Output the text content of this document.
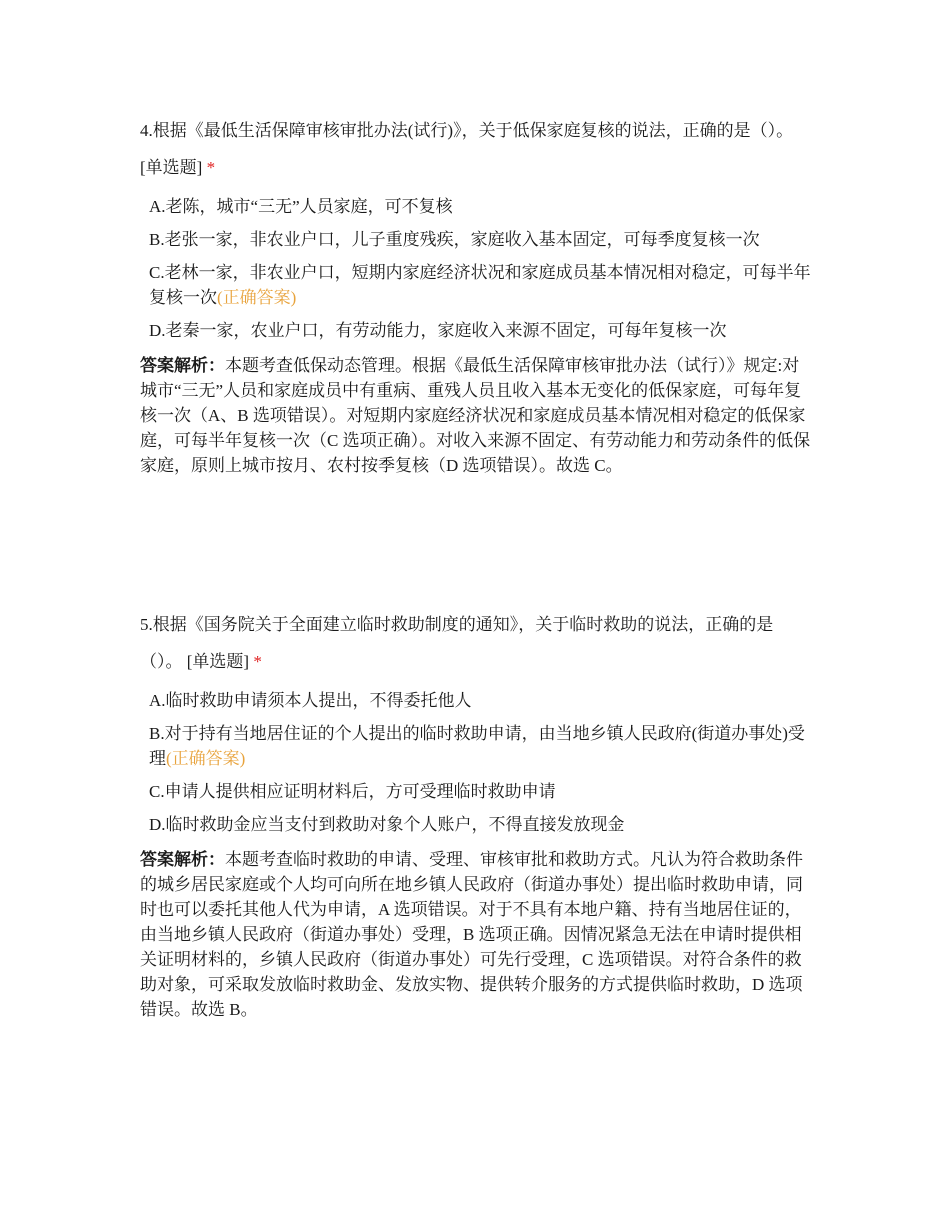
4.根据《最低生活保障审核审批办法(试行)》，关于低保家庭复核的说法，正确的是（）。 [单选题] *

A.老陈，城市“三无”人员家庭，可不复核
B.老张一家，非农业户口，儿子重度残疾，家庭收入基本固定，可每季度复核一次
C.老林一家，非农业户口，短期内家庭经济状况和家庭成员基本情况相对稳定，可每半年复核一次(正确答案)
D.老秦一家，农业户口，有劳动能力，家庭收入来源不固定，可每年复核一次
答案解析：本题考查低保动态管理。根据《最低生活保障审核审批办法（试行）》规定:对城市“三无”人员和家庭成员中有重病、重残人员且收入基本无变化的低保家庭，可每年复核一次（A、B 选项错误）。对短期内家庭经济状况和家庭成员基本情况相对稳定的低保家庭，可每半年复核一次（C 选项正确）。对收入来源不固定、有劳动能力和劳动条件的低保家庭，原则上城市按月、农村按季复核（D 选项错误）。故选 C。

5.根据《国务院关于全面建立临时救助制度的通知》，关于临时救助的说法，正确的是（）。 [单选题] *

A.临时救助申请须本人提出，不得委托他人
B.对于持有当地居住证的个人提出的临时救助申请，由当地乡镇人民政府(街道办事处)受理(正确答案)
C.申请人提供相应证明材料后，方可受理临时救助申请
D.临时救助金应当支付到救助对象个人账户，不得直接发放现金
答案解析：本题考查临时救助的申请、受理、审核审批和救助方式。凡认为符合救助条件的城乡居民家庭或个人均可向所在地乡镇人民政府（街道办事处）提出临时救助申请，同时也可以委托其他人代为申请，A 选项错误。对于不具有本地户籍、持有当地居住证的，由当地乡镇人民政府（街道办事处）受理，B 选项正确。因情况紧急无法在申请时提供相关证明材料的，乡镇人民政府（街道办事处）可先行受理，C 选项错误。对符合条件的救助对象，可采取发放临时救助金、发放实物、提供转介服务的方式提供临时救助，D 选项错误。故选 B。
